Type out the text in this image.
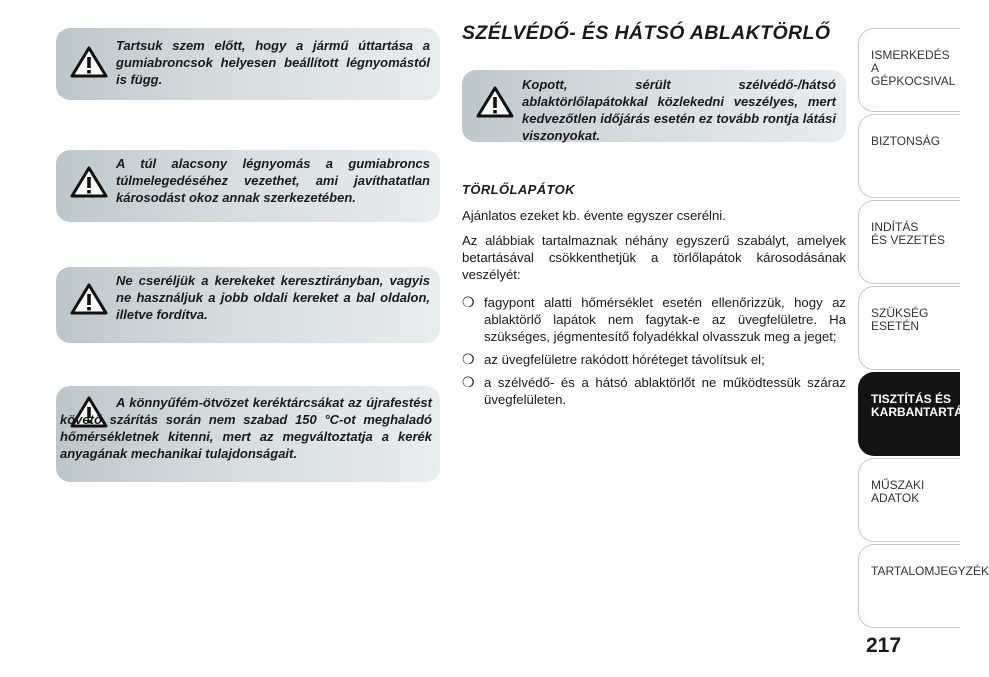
Tartsuk szem előtt, hogy a jármű úttartása a gumiabroncsok helyesen beállított légnyomástól is függ.
A túl alacsony légnyomás a gumiabroncs túlmelegedéséhez vezethet, ami javíthatatlan károsodást okoz annak szerkezetében.
Ne cseréljük a kerekeket keresztirányban, vagyis ne használjuk a jobb oldali kereket a bal oldalon, illetve fordítva.
A könnyűfém-ötvözet keréktárcsákat az újrafestést követő szárítás során nem szabad 150 °C-ot meghaladó hőmérsékletnek kitenni, mert az megváltoztatja a kerék anyagának mechanikai tulajdonságait.
SZÉLVÉDŐ- ÉS HÁTSÓ ABLAKTÖRLŐ
Kopott, sérült szélvédő-/hátsó ablaktörlőlapátokkal közlekedni veszélyes, mert kedvezőtlen időjárás esetén ez tovább rontja látási viszonyokat.
TÖRLŐLAPÁTOK
Ajánlatos ezeket kb. évente egyszer cserélni.
Az alábbiak tartalmaznak néhány egyszerű szabályt, amelyek betartásával csökkenthetjük a törlőlapátok károsodásának veszélyét:
❍ fagypont alatti hőmérséklet esetén ellenőrizzük, hogy az ablaktörlő lapátok nem fagytak-e az üvegfelületre. Ha szükséges, jégmentesítő folyadékkal olvasszuk meg a jeget;
❍ az üvegfelületre rakódott hóréteget távolítsuk el;
❍ a szélvédő- és a hátsó ablaktörlőt ne működtessük száraz üvegfelületen.
ISMERKEDÉS
A GÉPKOCSIVAL
BIZTONSÁG
INDÍTÁS
ÉS VEZETÉS
SZÜKSÉG
ESETÉN
TISZTÍTÁS ÉS
KARBANTARTÁS
MŰSZAKI
ADATOK
TARTALOMJEGYZÉK
217
